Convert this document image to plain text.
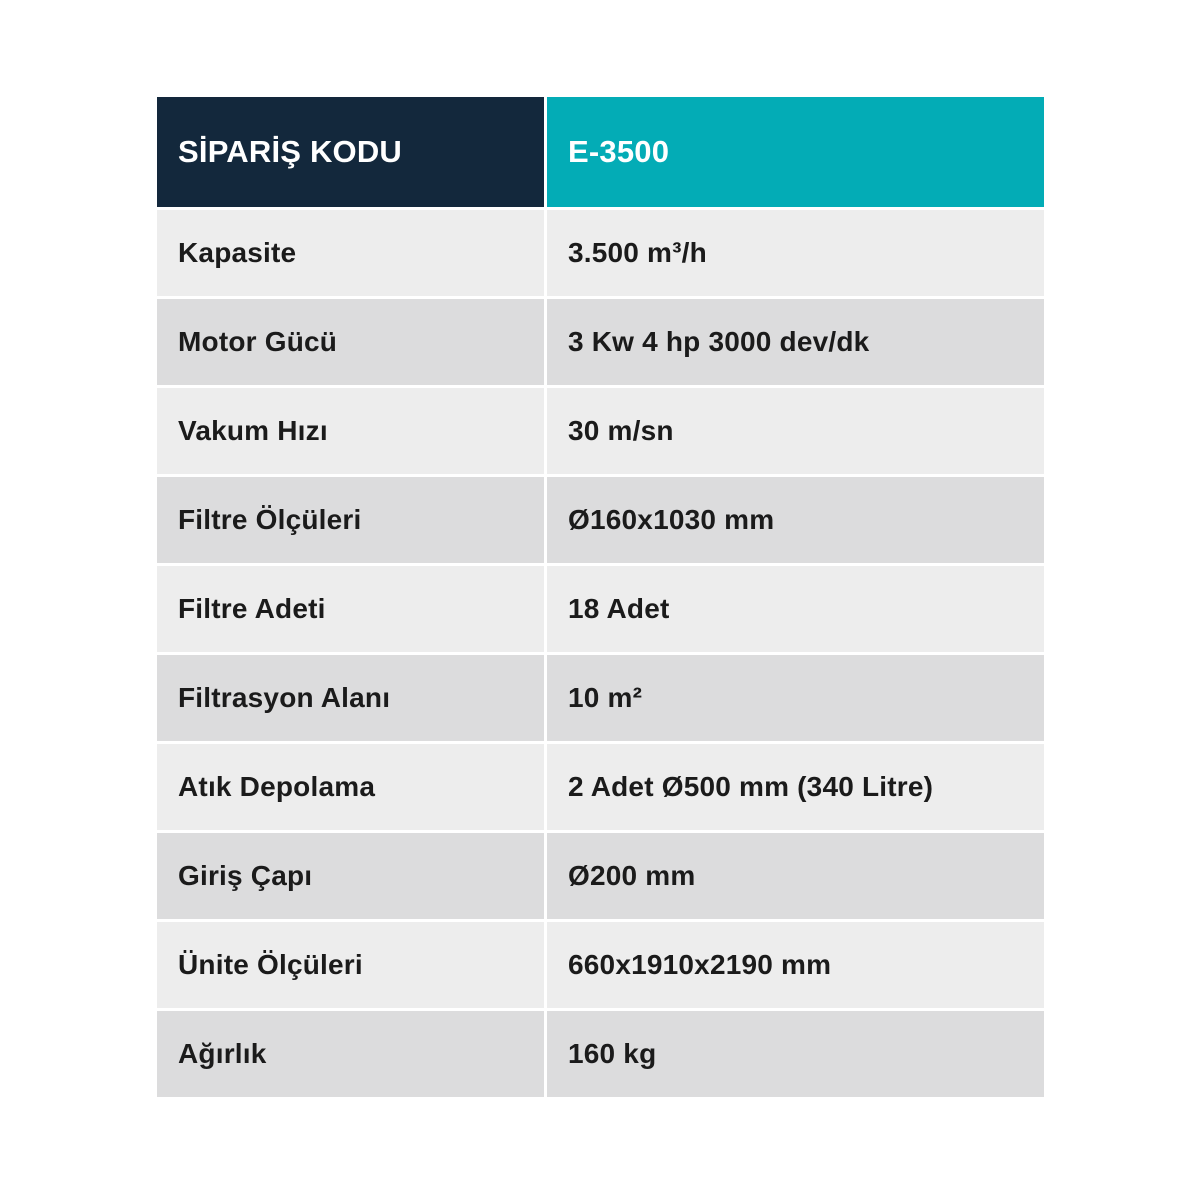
SİPARİŞ KODU	E-3500
Kapasite	3.500 m³/h
Motor Gücü	3 Kw 4 hp 3000 dev/dk
Vakum Hızı	30 m/sn
Filtre Ölçüleri	Ø160x1030 mm
Filtre Adeti	18 Adet
Filtrasyon Alanı	10 m²
Atık Depolama	2 Adet Ø500 mm (340 Litre)
Giriş Çapı	Ø200 mm
Ünite Ölçüleri	660x1910x2190 mm
Ağırlık	160 kg
